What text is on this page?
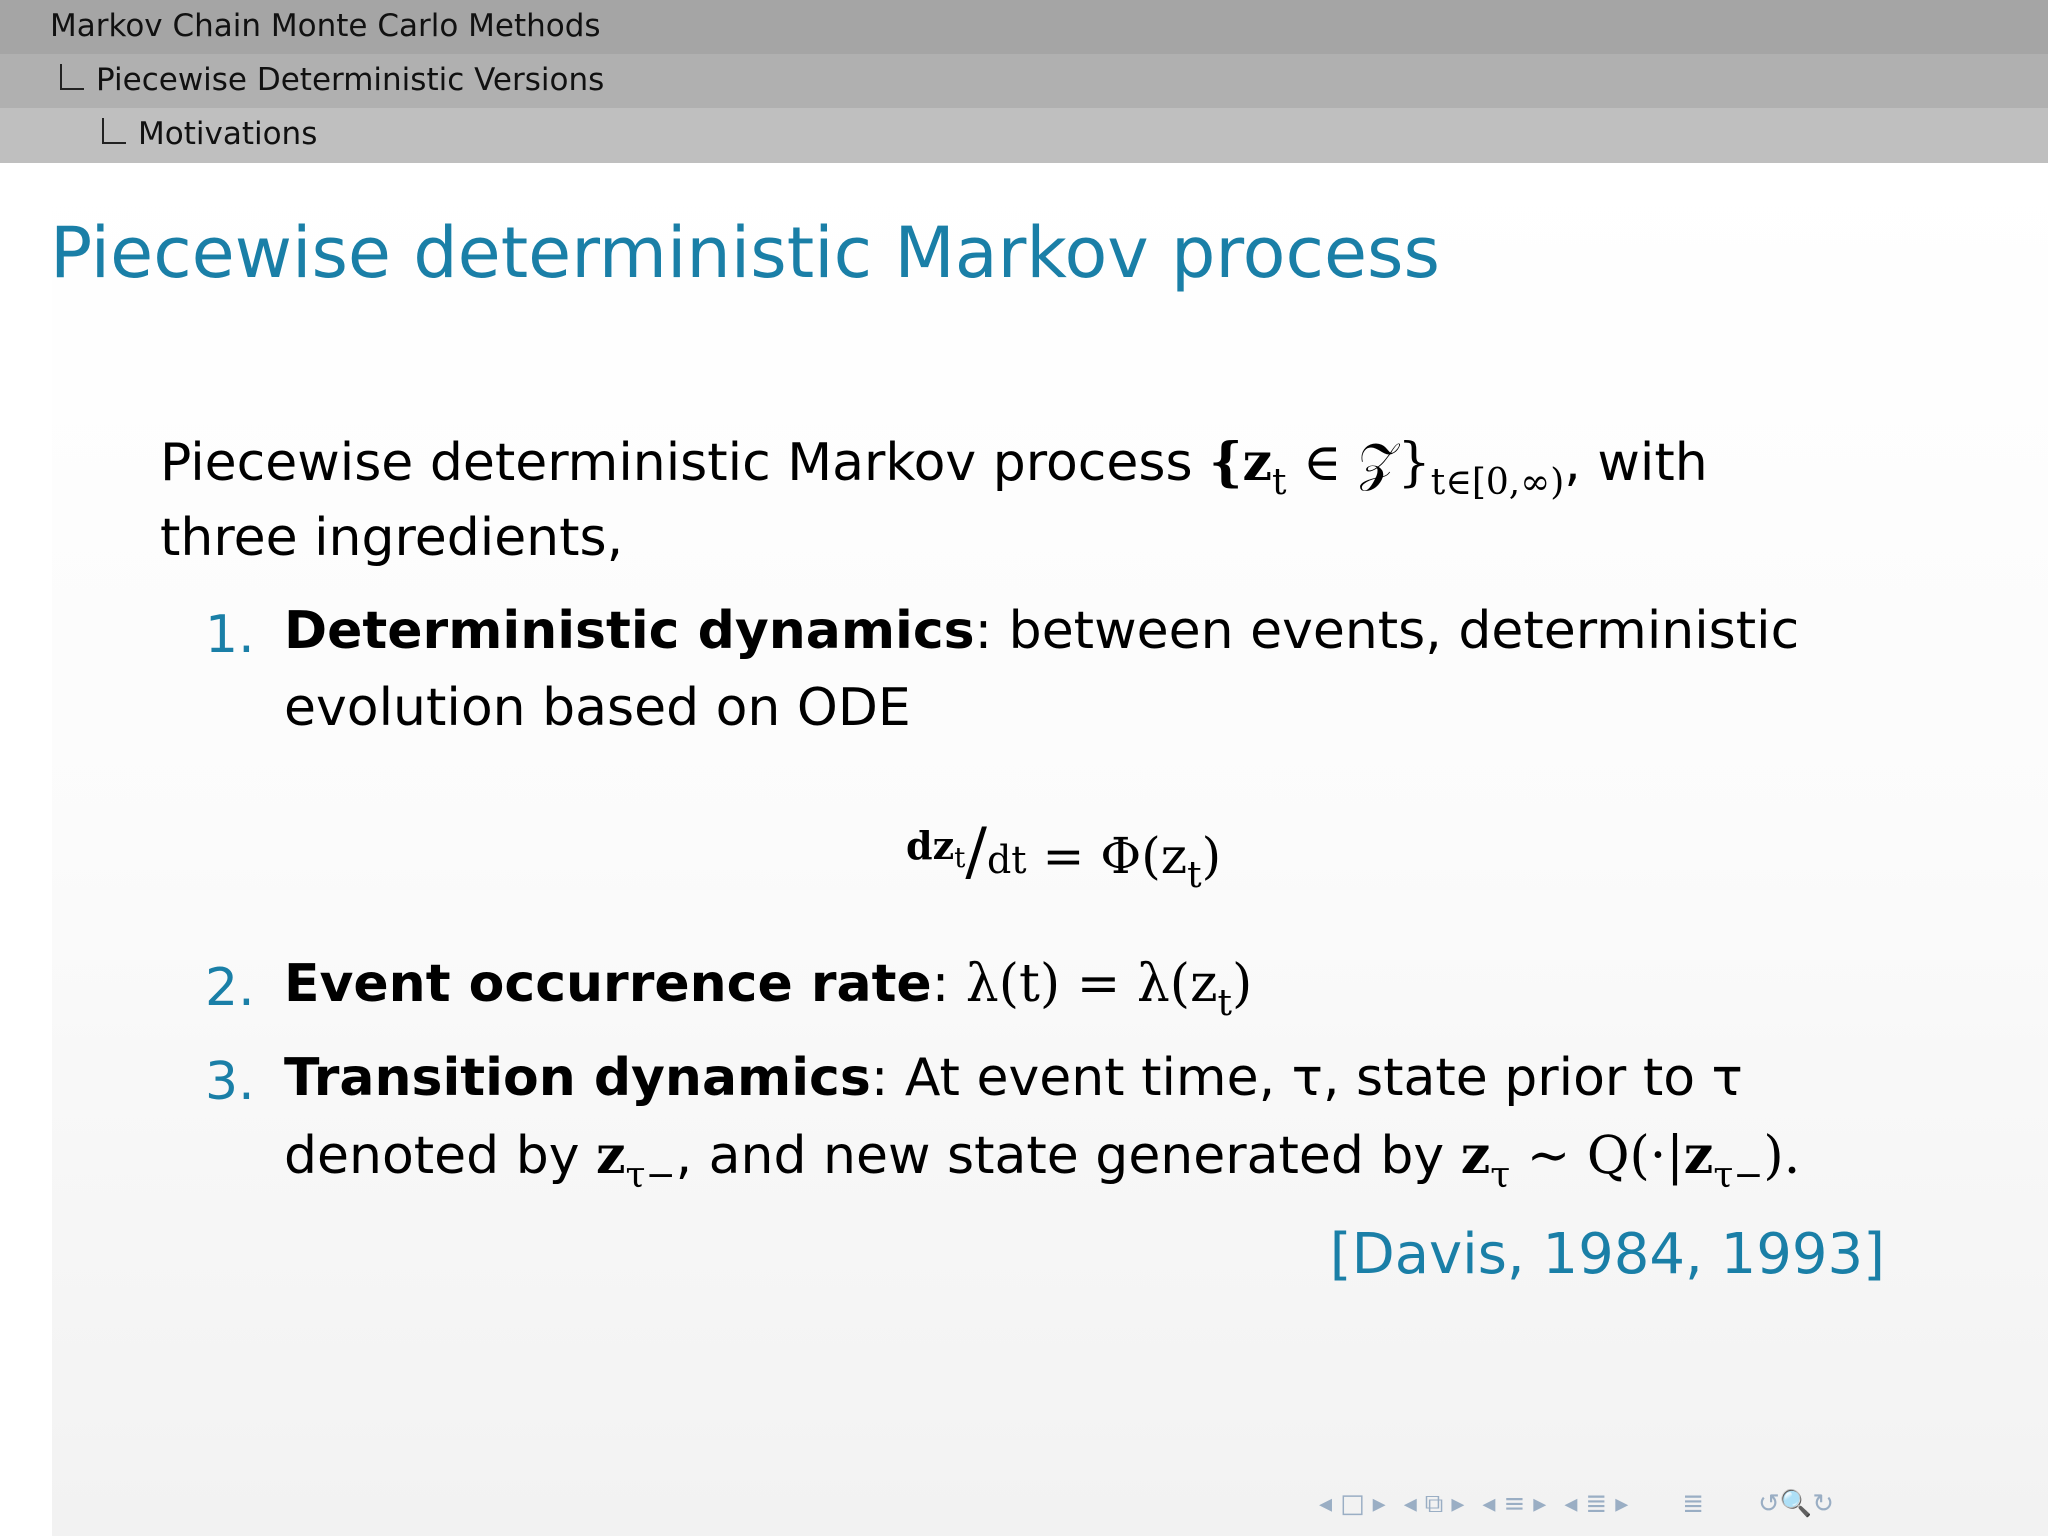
Markov Chain Monte Carlo Methods
Piecewise Deterministic Versions
Motivations
Piecewise deterministic Markov process
Piecewise deterministic Markov process {$z_t$ ∈ $𝒵\}_{t\in[0,\infty)}$, with
three ingredients,
1. Deterministic dynamics: between events, deterministic
evolution based on ODE
$^{dz_t}/dt = \Phi(z_t)$
2. Event occurrence rate: $\lambda(t) = \lambda(z_t)$
3. Transition dynamics: At event time, τ, state prior to τ
denoted by $z_{\tau-}$, and new state generated by $z_\tau$ ∼ $Q(\cdot|z_{\tau-})$.
[Davis, 1984, 1993]
◂ □ ▸ ◂ ⧉ ▸ ◂ ≡ ▸ ◂ ≣ ▸ ≣ ↺🔍↻
